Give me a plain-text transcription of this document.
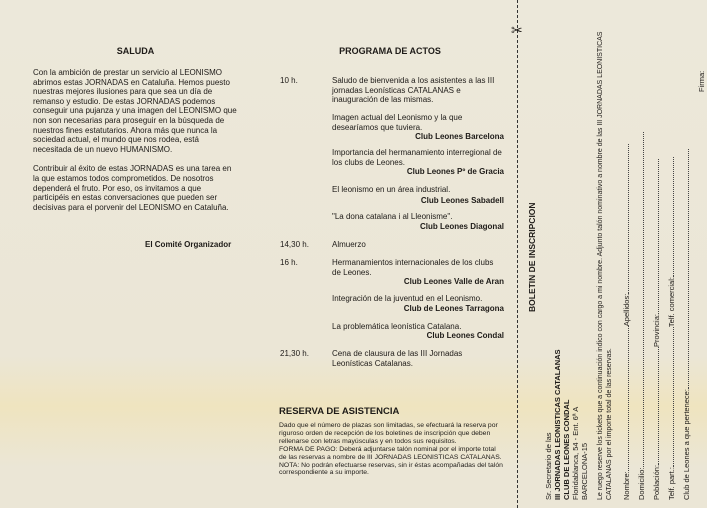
SALUDA

Con la ambición de prestar un servicio al LEONISMO abrimos estas JORNADAS en Cataluña. Hemos puesto nuestras mejores ilusiones para que sea un día de remanso y estudio. De estas JORNADAS podemos conseguir una pujanza y una imagen del LEONISMO que non son necesarias para proseguir en la búsqueda de nuestros fines estatutarios. Ahora más que nunca la sociedad actual, el mundo que nos rodea, está necesitada de un nuevo HUMANISMO.

Contribuir al éxito de estas JORNADAS es una tarea en la que estamos todos comprometidos. De nosotros dependerá el fruto. Por eso, os invitamos a que participéis en estas conversaciones que pueden ser decisivas para el porvenir del LEONISMO en Cataluña.

El Comité Organizador
PROGRAMA DE ACTOS
10 h.	Saludo de bienvenida a los asistentes a las III jornadas Leonísticas CATALANAS e inauguración de las mismas.
Imagen actual del Leonismo y la que desearíamos que tuviera.
Club Leones Barcelona
Importancia del hermanamiento interregional de los clubs de Leones.
Club Leones Pº de Gracia
El leonismo en un área industrial.
Club Leones Sabadell
"La dona catalana i al Lleonisme".
Club Leones Diagonal
14,30 h.	Almuerzo
16 h.	Hermanamientos internacionales de los clubs de Leones.
Club Leones Valle de Aran
Integración de la juventud en el Leonismo.
Club de Leones Tarragona
La problemática leonística Catalana.
Club Leones Condal
21,30 h.	Cena de clausura de las III Jornadas Leonísticas Catalanas.
RESERVA DE ASISTENCIA

Dado que el número de plazas son limitadas, se efectuará la reserva por riguroso orden de recepción de los boletines de inscripción que deben rellenarse con letras mayúsculas y en todos sus requisitos.

FORMA DE PAGO: Deberá adjuntarse talón nominal por el importe total de las reservas a nombre de III JORNADAS LEONISTICAS CATALANAS.

NOTA: No podrán efectuarse reservas, sin ir éstas acompañadas del talón correspondiente a su importe.

✂
BOLETIN DE INSCRIPCION
Sr. Secretario de las III JORNADAS LEONISTICAS CATALANAS CLUB DE LEONES CONDAL Floridablanca, 54 - Ent. 6ª A BARCELONA-15 Le ruego reserve los tickets que a continuación indico con cargo a mi nombre. Adjunto talón nominativo a nombre de las III JORNADAS LEONISTICAS CATALANAS por el importe total de las reservas. Nombre:Apellidos:
Domicilio: Población:Provincia:
Telf. part.:Telf. comercial:
Club de Leones a que pertenece:
Firma:
